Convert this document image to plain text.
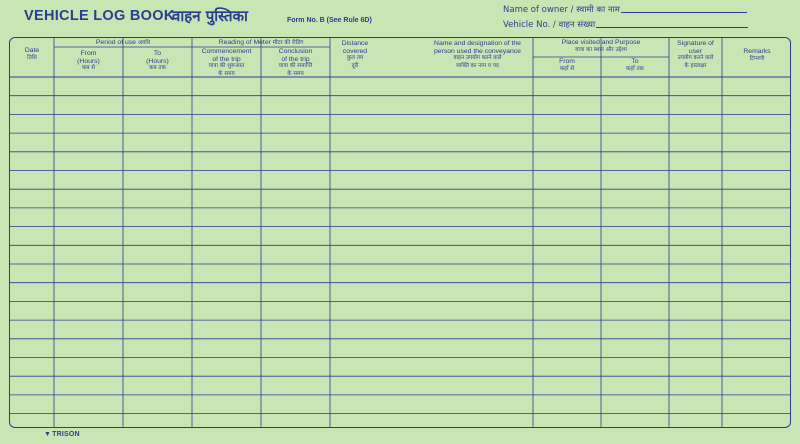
VEHICLE LOG BOOK
वाहन पुस्तिका	Form No. B (See Rule 6D)
Name of owner / स्वामी का नाम
Vehicle No. / वाहन संख्या
Date
तिथि
Period of use अवधि
From
(Hours)
कब से
To
(Hours)
कब तक
Reading of Meter मीटर की रीडिंग
Commencement
of the trip
यात्रा की शुरूआत
के समय
Conclusion
of the trip
यात्रा की समाप्ति
के समय
Distance
covered
कुल तय
दूरी
Name and designation of the
person used the conveyance
वाहन उपयोग करने वाले
व्यक्ति का नाम व पद
Place visited and Purpose
यात्रा का स्थान और उद्देश्य
From
कहाँ से
To
कहाँ तक
Signature of
user
उपयोग करने वाले
के हस्ताक्षर
Remarks
टिप्पणी
▼TRISON
